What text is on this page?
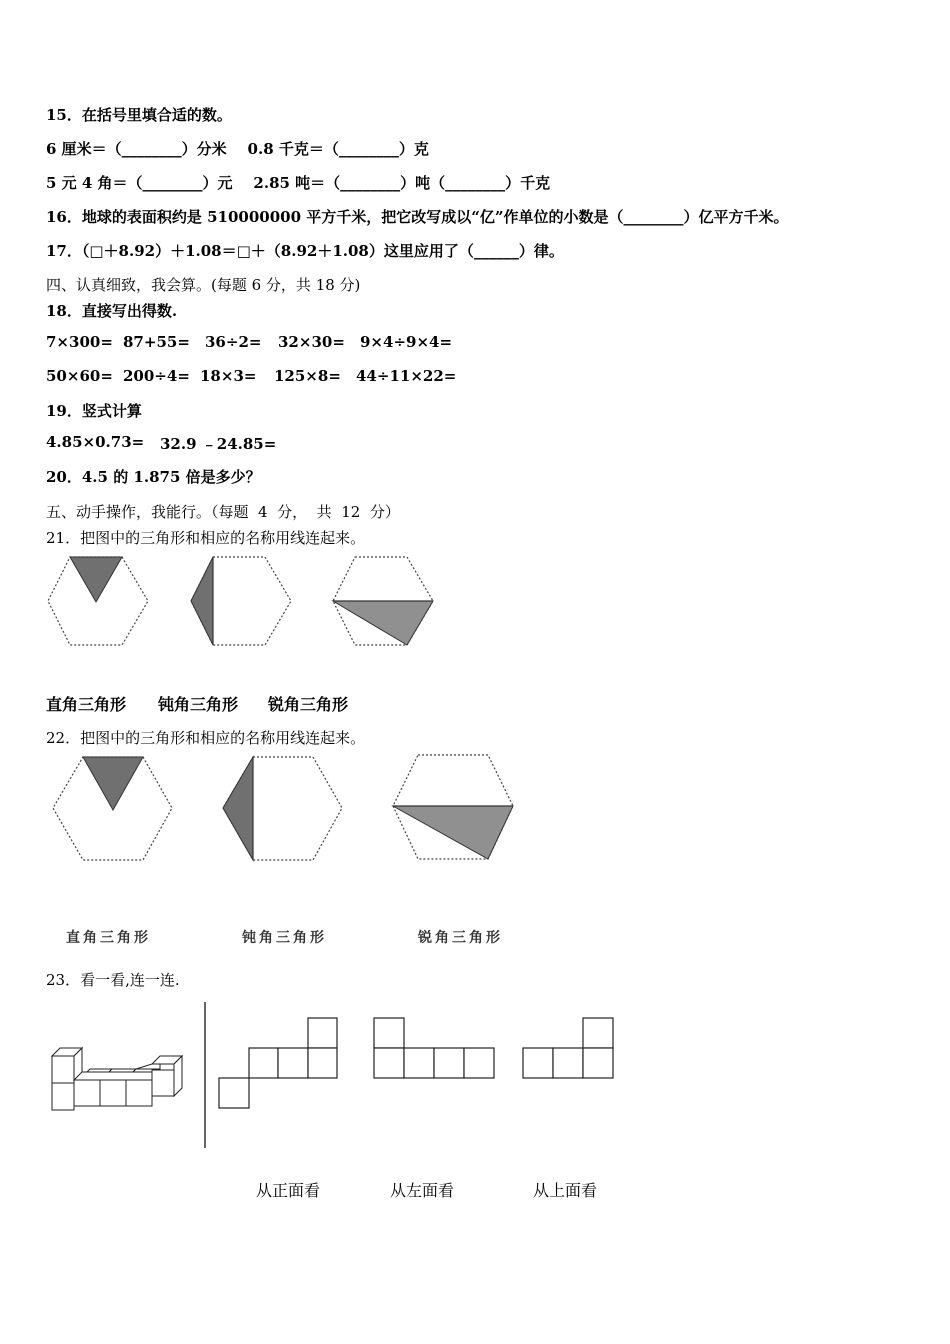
15．在括号里填合适的数。
6 厘米＝（________）分米    0.8 千克＝（________）克
5 元 4 角＝（________）元    2.85 吨＝（________）吨（________）千克
16．地球的表面积约是 510000000 平方千米，把它改写成以“亿”作单位的小数是（________）亿平方千米。
17．（□＋8.92）＋1.08＝□＋（8.92＋1.08）这里应用了（______）律。
四、认真细致，我会算。(每题 6 分，共 18 分)
18．直接写出得数.
7×300= 87+55= 36÷2= 32×30= 9×4÷9×4=
50×60= 200÷4= 18×3= 125×8= 44÷11×22=
19．竖式计算
4.85×0.73= 32.9 ﹣24.85=
20．4.5 的 1.875 倍是多少？
五、动手操作，我能行。（每题  4  分，  共  12  分）
21．把图中的三角形和相应的名称用线连起来。
直角三角形 钝角三角形 锐角三角形
22．把图中的三角形和相应的名称用线连起来。
直角三角形	钝角三角形	锐角三角形
23．看一看,连一连.
从正面看	从左面看	从上面看
